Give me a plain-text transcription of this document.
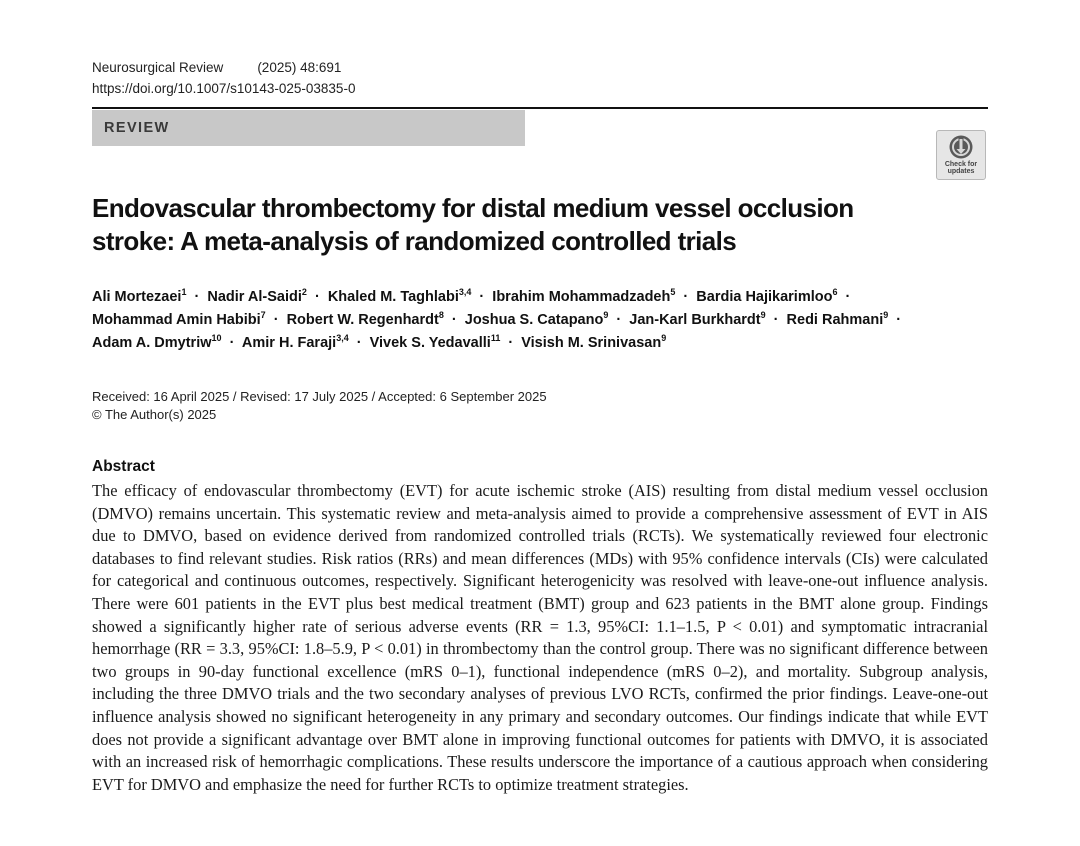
Neurosurgical Review	(2025) 48:691
https://doi.org/10.1007/s10143-025-03835-0
REVIEW
Check for
updates
Endovascular thrombectomy for distal medium vessel occlusion stroke: A meta-analysis of randomized controlled trials
Ali Mortezaei$^1$ · Nadir Al-Saidi$^2$ · Khaled M. Taghlabi$^{3,4}$ · Ibrahim Mohammadzadeh$^5$ · Bardia Hajikarimloo$^6$ · Mohammad Amin Habibi$^7$ · Robert W. Regenhardt$^8$ · Joshua S. Catapano$^9$ · Jan-Karl Burkhardt$^9$ · Redi Rahmani$^9$ · Adam A. Dmytriw$^{10}$ · Amir H. Faraji$^{3,4}$ · Vivek S. Yedavalli$^{11}$ · Visish M. Srinivasan$^9$
Received: 16 April 2025 / Revised: 17 July 2025 / Accepted: 6 September 2025
© The Author(s) 2025
Abstract

The efficacy of endovascular thrombectomy (EVT) for acute ischemic stroke (AIS) resulting from distal medium vessel occlusion (DMVO) remains uncertain. This systematic review and meta-analysis aimed to provide a comprehensive assessment of EVT in AIS due to DMVO, based on evidence derived from randomized controlled trials (RCTs). We systematically reviewed four electronic databases to find relevant studies. Risk ratios (RRs) and mean differences (MDs) with 95% confidence intervals (CIs) were calculated for categorical and continuous outcomes, respectively. Significant heterogenicity was resolved with leave-one-out influence analysis. There were 601 patients in the EVT plus best medical treatment (BMT) group and 623 patients in the BMT alone group. Findings showed a significantly higher rate of serious adverse events (RR = 1.3, 95%CI: 1.1–1.5, P < 0.01) and symptomatic intracranial hemorrhage (RR = 3.3, 95%CI: 1.8–5.9, P < 0.01) in thrombectomy than the control group. There was no significant difference between two groups in 90-day functional excellence (mRS 0–1), functional independence (mRS 0–2), and mortality. Subgroup analysis, including the three DMVO trials and the two secondary analyses of previous LVO RCTs, confirmed the prior findings. Leave-one-out influence analysis showed no significant heterogeneity in any primary and secondary outcomes. Our findings indicate that while EVT does not provide a significant advantage over BMT alone in improving functional outcomes for patients with DMVO, it is associated with an increased risk of hemorrhagic complications. These results underscore the importance of a cautious approach when considering EVT for DMVO and emphasize the need for further RCTs to optimize treatment strategies.
